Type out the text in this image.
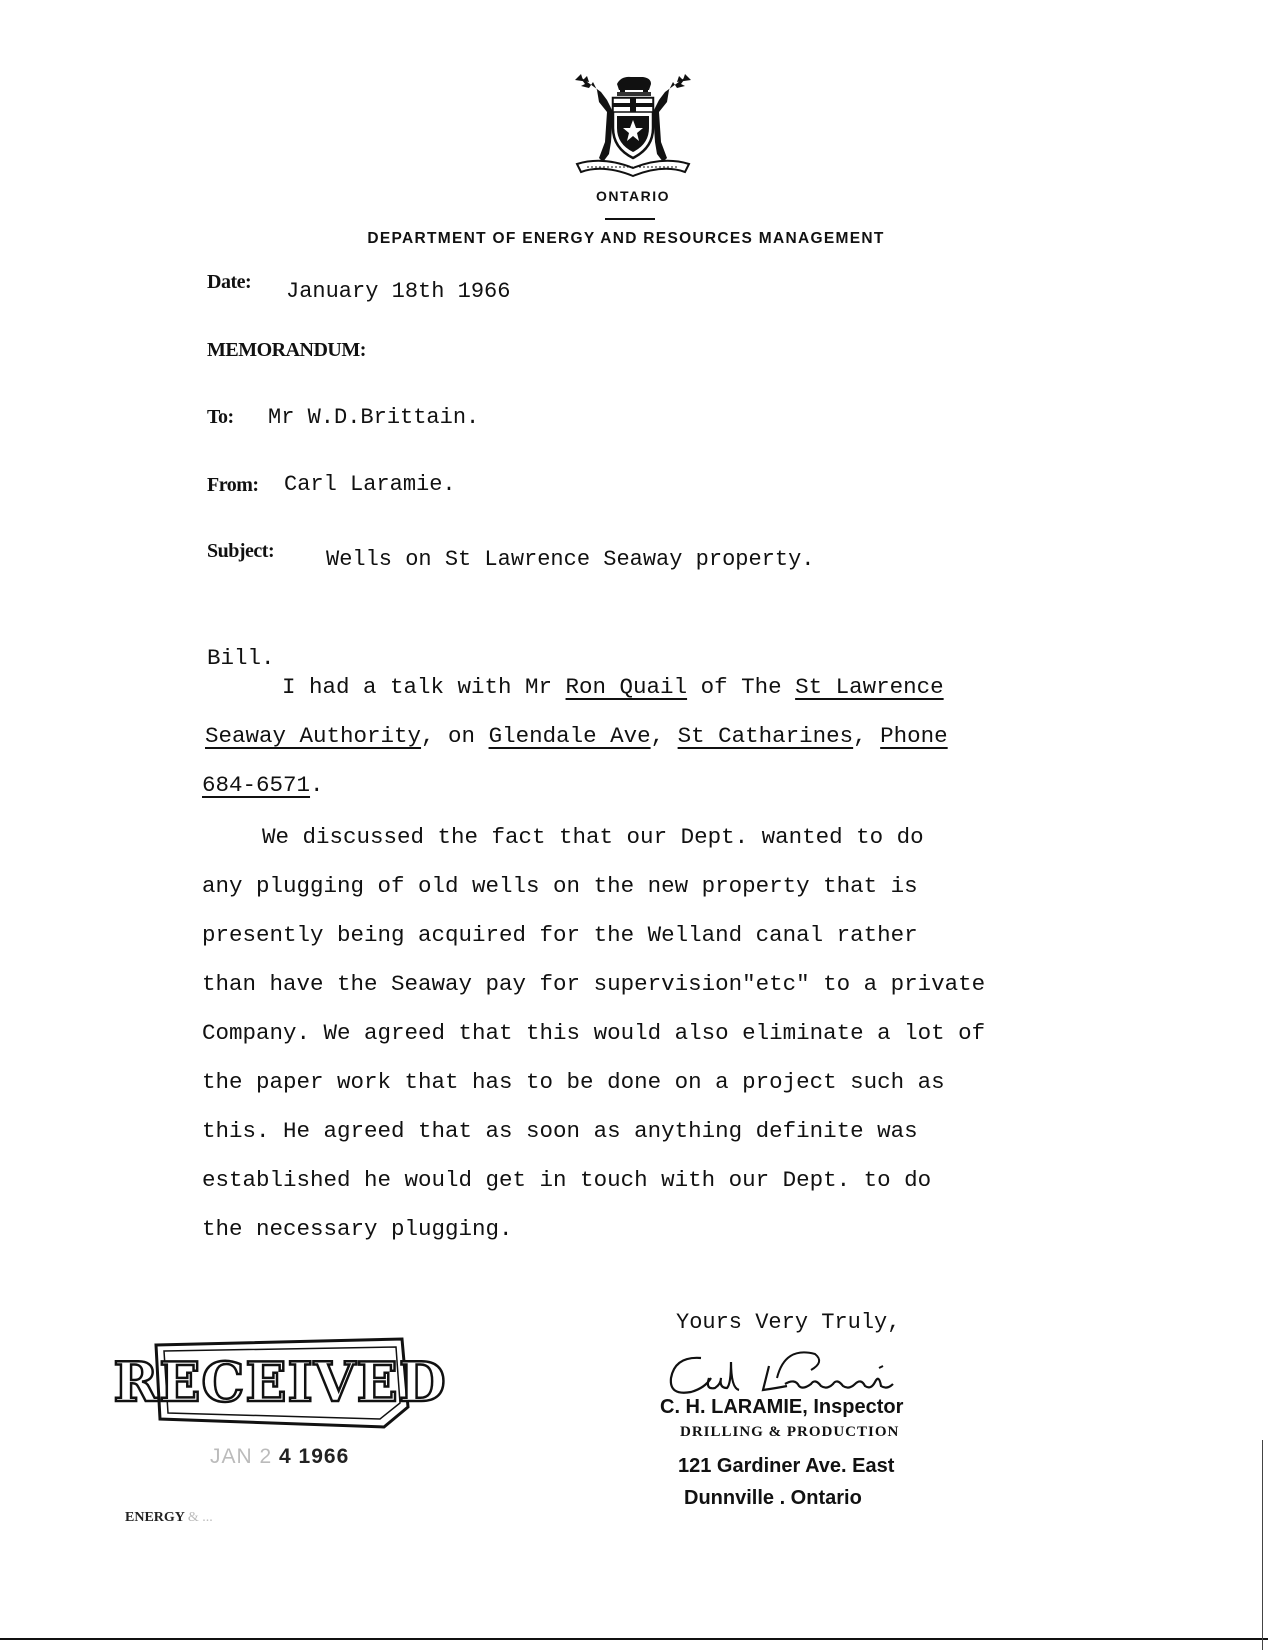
ONTARIO
DEPARTMENT OF ENERGY AND RESOURCES MANAGEMENT
Date: January 18th 1966
MEMORANDUM:
To: Mr W.D.Brittain.
From: Carl Laramie.
Subject: Wells on St Lawrence Seaway property.
Bill.
I had a talk with Mr Ron Quail of The St Lawrence
Seaway Authority, on Glendale Ave, St Catharines, Phone
684-6571.
We discussed the fact that our Dept. wanted to do
any plugging of old wells on the new property that is
presently being acquired for the Welland canal rather
than have the Seaway pay for supervision"etc" to a private
Company. We agreed that this would also eliminate a lot of
the paper work that has to be done on a project such as
this. He agreed that as soon as anything definite was
established he would get in touch with our Dept. to do
the necessary plugging.
Yours Very Truly,
C. H. LARAMIE, Inspector
DRILLING & PRODUCTION
121 Gardiner Ave. East
Dunnville . Ontario
RECEIVED
JAN 2 4 1966
ENERGY & ...
